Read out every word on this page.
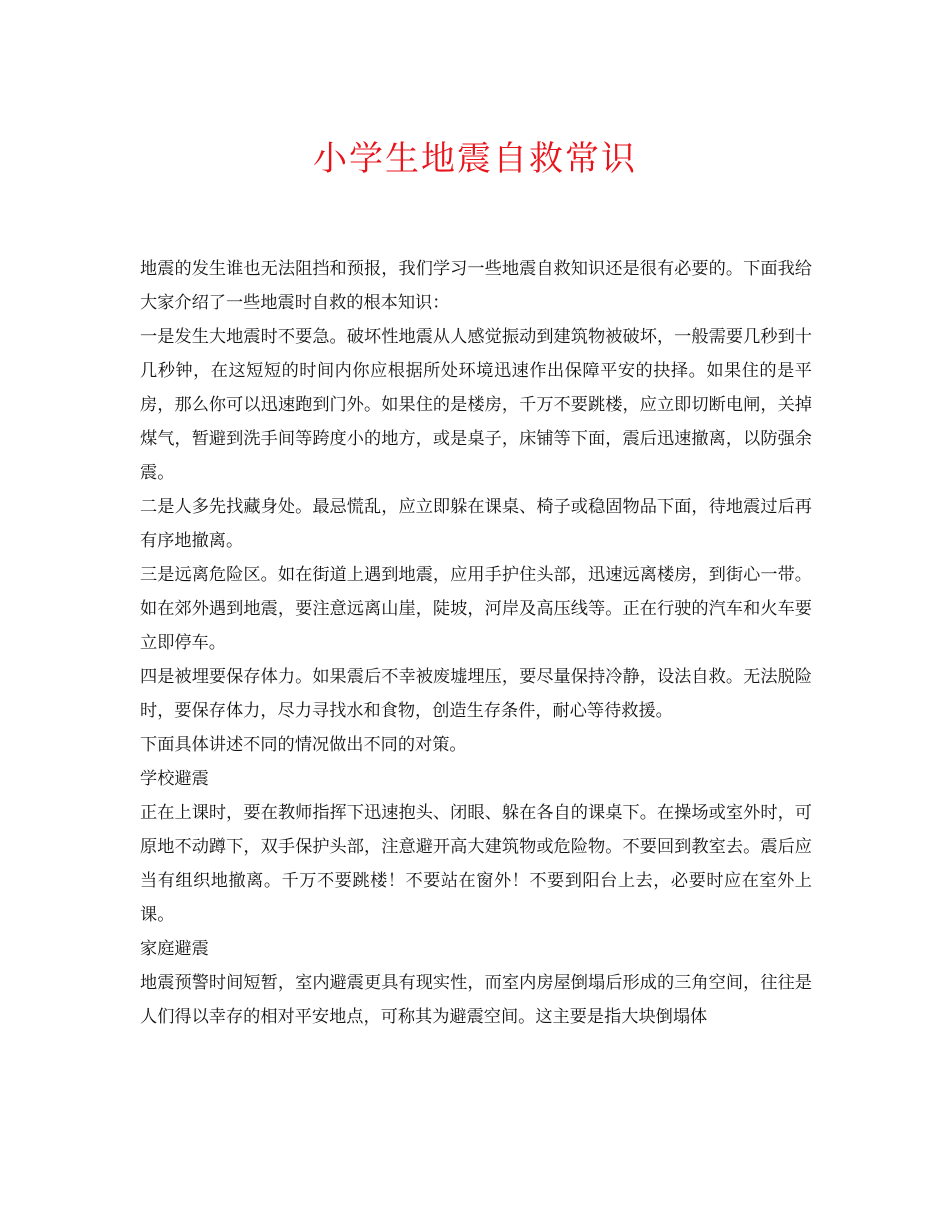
小学生地震自救常识

地震的发生谁也无法阻挡和预报，我们学习一些地震自救知识还是很有必要的。下面我给大家介绍了一些地震时自救的根本知识：

一是发生大地震时不要急。破坏性地震从人感觉振动到建筑物被破坏，一般需要几秒到十几秒钟，在这短短的时间内你应根据所处环境迅速作出保障平安的抉择。如果住的是平房，那么你可以迅速跑到门外。如果住的是楼房，千万不要跳楼，应立即切断电闸，关掉煤气，暂避到洗手间等跨度小的地方，或是桌子，床铺等下面，震后迅速撤离，以防强余震。

二是人多先找藏身处。最忌慌乱，应立即躲在课桌、椅子或稳固物品下面，待地震过后再有序地撤离。

三是远离危险区。如在街道上遇到地震，应用手护住头部，迅速远离楼房，到街心一带。如在郊外遇到地震，要注意远离山崖，陡坡，河岸及高压线等。正在行驶的汽车和火车要立即停车。

四是被埋要保存体力。如果震后不幸被废墟埋压，要尽量保持冷静，设法自救。无法脱险时，要保存体力，尽力寻找水和食物，创造生存条件，耐心等待救援。

下面具体讲述不同的情况做出不同的对策。

学校避震

正在上课时，要在教师指挥下迅速抱头、闭眼、躲在各自的课桌下。在操场或室外时，可原地不动蹲下，双手保护头部，注意避开高大建筑物或危险物。不要回到教室去。震后应当有组织地撤离。千万不要跳楼！不要站在窗外！不要到阳台上去，必要时应在室外上课。

家庭避震

地震预警时间短暂，室内避震更具有现实性，而室内房屋倒塌后形成的三角空间，往往是人们得以幸存的相对平安地点，可称其为避震空间。这主要是指大块倒塌体
